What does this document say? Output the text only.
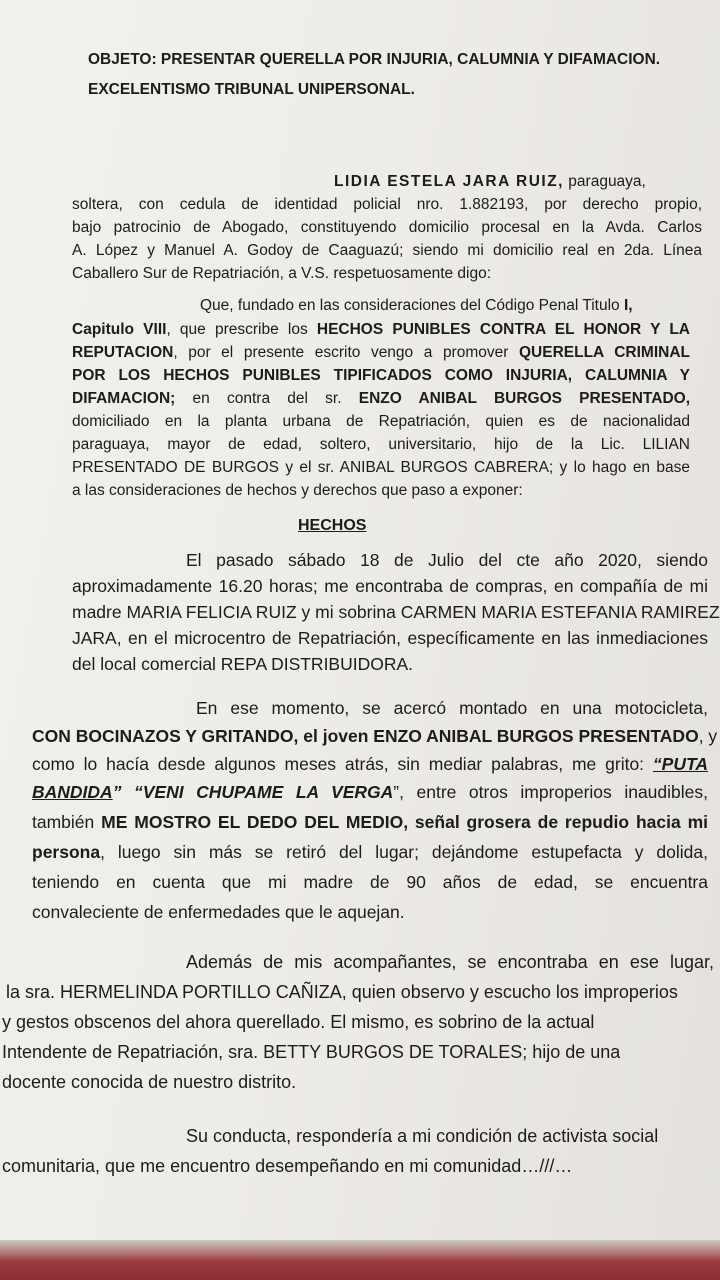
OBJETO: PRESENTAR QUERELLA POR INJURIA, CALUMNIA Y DIFAMACION.
EXCELENTISMO TRIBUNAL UNIPERSONAL.
LIDIA ESTELA JARA RUIZ, paraguaya,
soltera, con cedula de identidad policial nro. 1.882193, por derecho propio,
bajo patrocinio de Abogado, constituyendo domicilio procesal en la Avda. Carlos
A. López y Manuel A. Godoy de Caaguazú; siendo mi domicilio real en 2da. Línea
Caballero Sur de Repatriación, a V.S. respetuosamente digo:
Que, fundado en las consideraciones del Código Penal Titulo I,
Capitulo VIII, que prescribe los HECHOS PUNIBLES CONTRA EL HONOR Y LA
REPUTACION, por el presente escrito vengo a promover QUERELLA CRIMINAL
POR LOS HECHOS PUNIBLES TIPIFICADOS COMO INJURIA, CALUMNIA Y
DIFAMACION; en contra del sr. ENZO ANIBAL BURGOS PRESENTADO,
domiciliado en la planta urbana de Repatriación, quien es de nacionalidad
paraguaya, mayor de edad, soltero, universitario, hijo de la Lic. LILIAN
PRESENTADO DE BURGOS y el sr. ANIBAL BURGOS CABRERA; y lo hago en base
a las consideraciones de hechos y derechos que paso a exponer:
HECHOS
El pasado sábado 18 de Julio del cte año 2020, siendo
aproximadamente 16.20 horas; me encontraba de compras, en compañía de mi
madre MARIA FELICIA RUIZ y mi sobrina CARMEN MARIA ESTEFANIA RAMIREZ
JARA, en el microcentro de Repatriación, específicamente en las inmediaciones
del local comercial REPA DISTRIBUIDORA.
En ese momento, se acercó montado en una motocicleta,
CON BOCINAZOS Y GRITANDO, el joven ENZO ANIBAL BURGOS PRESENTADO, y
como lo hacía desde algunos meses atrás, sin mediar palabras, me grito: “PUTA
BANDIDA” “VENI CHUPAME LA VERGA”, entre otros improperios inaudibles,
también ME MOSTRO EL DEDO DEL MEDIO, señal grosera de repudio hacia mi
persona, luego sin más se retiró del lugar; dejándome estupefacta y dolida,
teniendo en cuenta que mi madre de 90 años de edad, se encuentra
convaleciente de enfermedades que le aquejan.
Además de mis acompañantes, se encontraba en ese lugar,
la sra. HERMELINDA PORTILLO CAÑIZA, quien observo y escucho los improperios
y gestos obscenos del ahora querellado. El mismo, es sobrino de la actual
Intendente de Repatriación, sra. BETTY BURGOS DE TORALES; hijo de una
docente conocida de nuestro distrito.
Su conducta, respondería a mi condición de activista social
comunitaria, que me encuentro desempeñando en mi comunidad…///…
